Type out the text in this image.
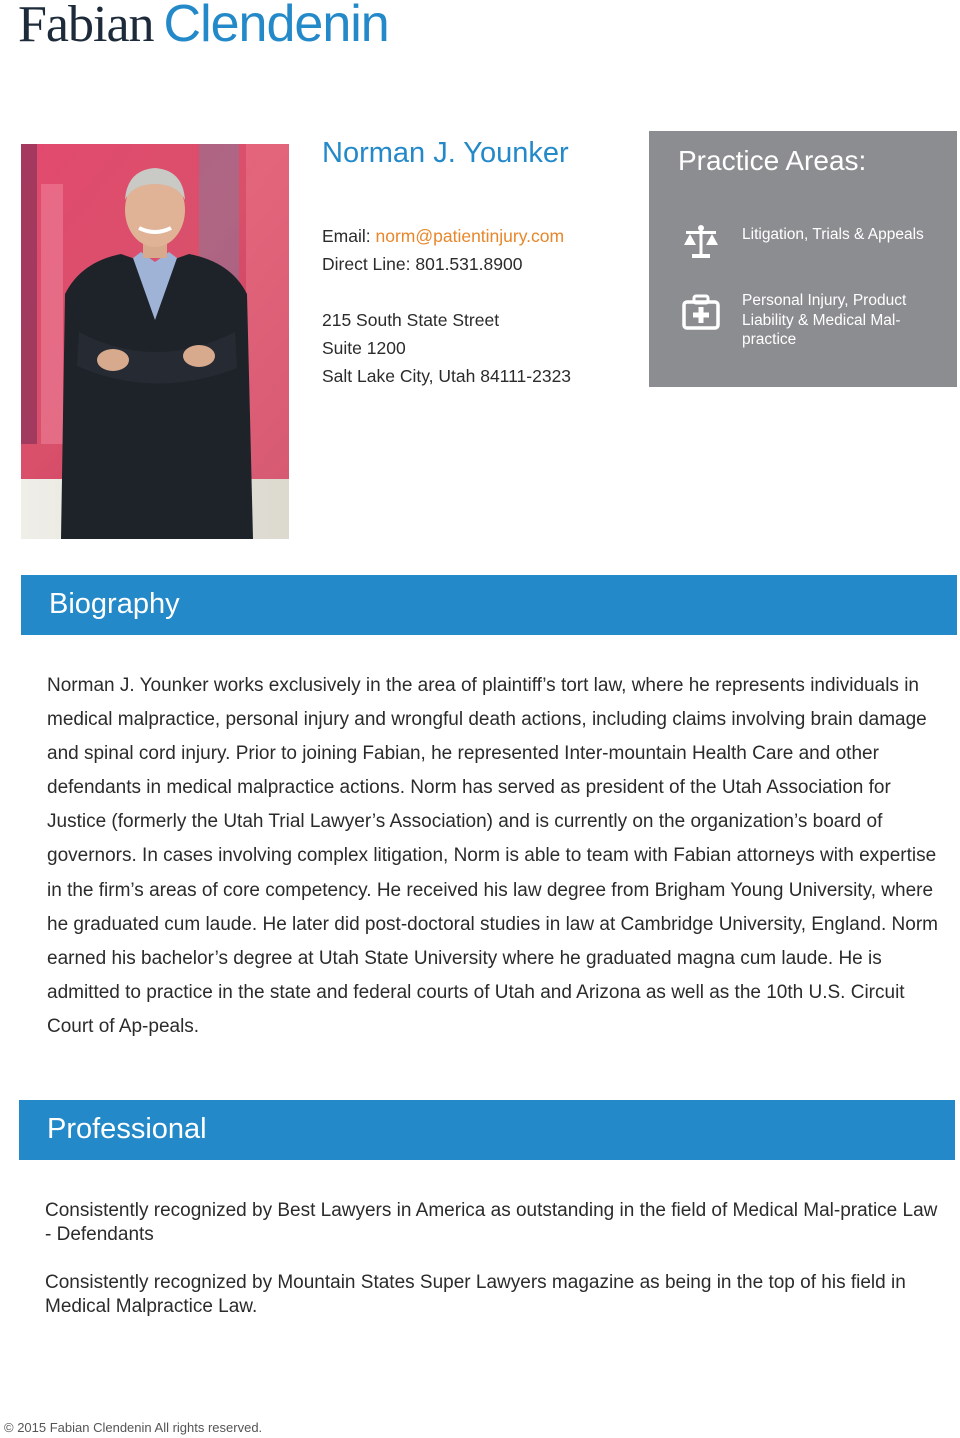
Fabian Clendenin
Norman J. Younker
Email: norm@patientinjury.com
Direct Line: 801.531.8900
215 South State Street
Suite 1200
Salt Lake City, Utah 84111-2323
Practice Areas:
Litigation, Trials & Appeals
Personal Injury, Product Liability & Medical Mal-practice
Biography
Norman J. Younker works exclusively in the area of plaintiff’s tort law, where he represents individuals in medical malpractice, personal injury and wrongful death actions, including claims involving brain damage and spinal cord injury. Prior to joining Fabian, he represented Inter-mountain Health Care and other defendants in medical malpractice actions. Norm has served as president of the Utah Association for Justice (formerly the Utah Trial Lawyer’s Association) and is currently on the organization’s board of governors. In cases involving complex litigation, Norm is able to team with Fabian attorneys with expertise in the firm’s areas of core competency. He received his law degree from Brigham Young University, where he graduated cum laude. He later did post-doctoral studies in law at Cambridge University, England. Norm earned his bachelor’s degree at Utah State University where he graduated magna cum laude. He is admitted to practice in the state and federal courts of Utah and Arizona as well as the 10th U.S. Circuit Court of Ap-peals.
Professional
Consistently recognized by Best Lawyers in America as outstanding in the field of Medical Mal-pratice Law - Defendants
Consistently recognized by Mountain States Super Lawyers magazine as being in the top of his field in Medical Malpractice Law.
© 2015 Fabian Clendenin All rights reserved.
